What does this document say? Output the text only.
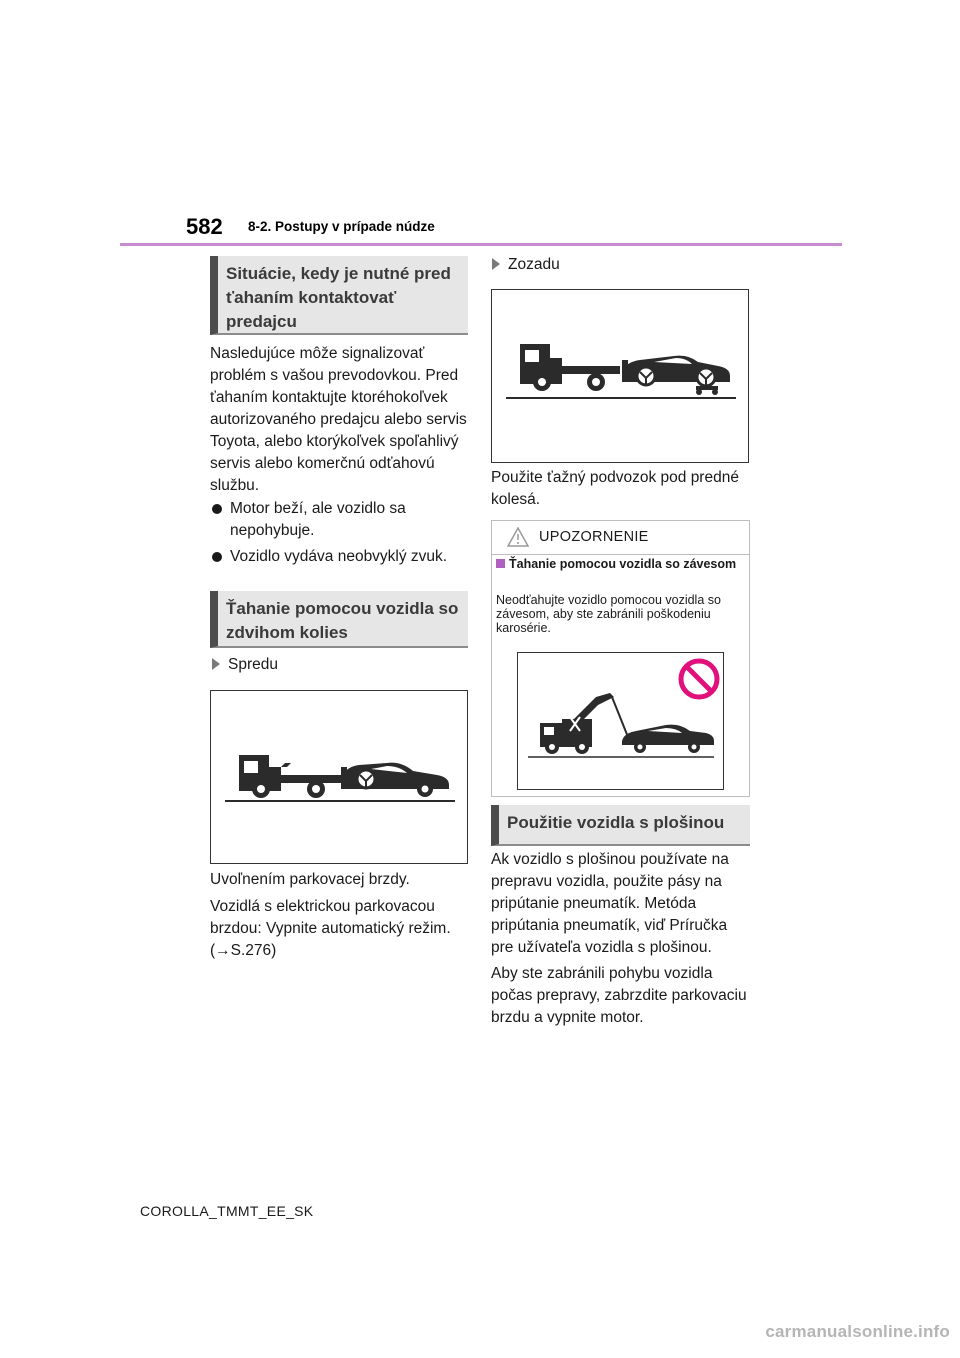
582 8-2. Postupy v prípade núdze
Situácie, kedy je nutné pred ťahaním kontaktovať predajcu

Nasledujúce môže signalizovať problém s vašou prevodovkou. Pred ťahaním kontaktujte ktoréhokoľvek autorizovaného predajcu alebo servis Toyota, alebo ktorýkoľvek spoľahlivý servis alebo komerčnú odťahovú službu.

Motor beží, ale vozidlo sa nepohybuje.
Vozidlo vydáva neobvyklý zvuk.
Ťahanie pomocou vozidla so zdvihom kolies
Spredu

Uvoľnením parkovacej brzdy.

Vozidlá s elektrickou parkovacou brzdou: Vypnite automatický režim. (→S.276)

Zozadu

Použite ťažný podvozok pod predné kolesá.

UPOZORNENIE
Ťahanie pomocou vozidla so závesom
Neodťahujte vozidlo pomocou vozidla so závesom, aby ste zabránili poškodeniu karosérie.
Použitie vozidla s plošinou

Ak vozidlo s plošinou používate na prepravu vozidla, použite pásy na pripútanie pneumatík. Metóda pripútania pneumatík, viď Príručka pre užívateľa vozidla s plošinou.

Aby ste zabránili pohybu vozidla počas prepravy, zabrzdite parkovaciu brzdu a vypnite motor.

COROLLA_TMMT_EE_SK
carmanualsonline.info
